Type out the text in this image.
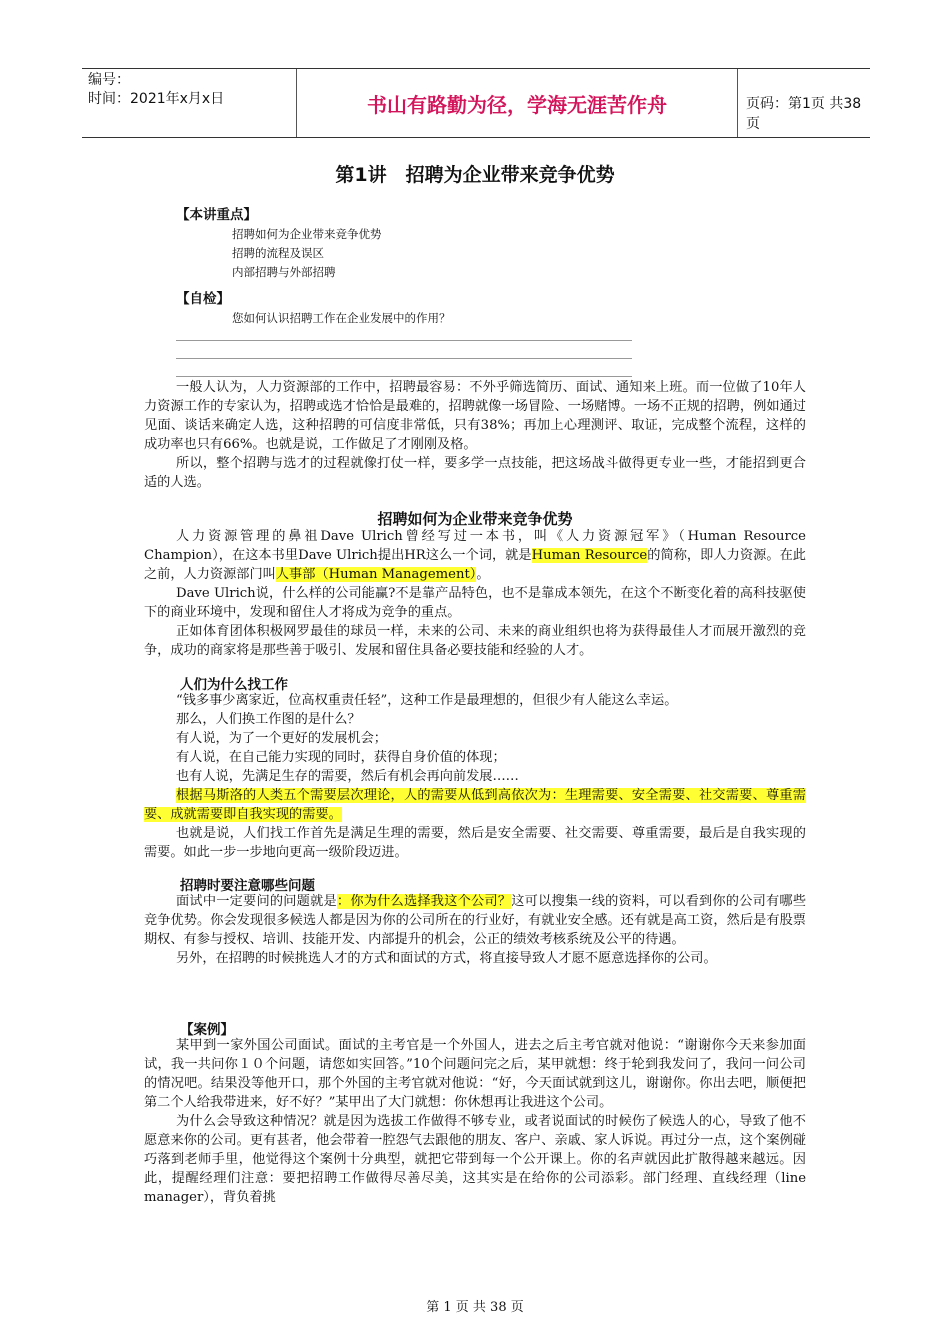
编号：
时间：2021年x月x日	书山有路勤为径，学海无涯苦作舟	页码：第1页 共38页
第1讲　招聘为企业带来竞争优势
【本讲重点】
招聘如何为企业带来竞争优势
招聘的流程及误区
内部招聘与外部招聘
【自检】
您如何认识招聘工作在企业发展中的作用？

一般人认为，人力资源部的工作中，招聘最容易：不外乎筛选简历、面试、通知来上班。而一位做了10年人力资源工作的专家认为，招聘或选才恰恰是最难的，招聘就像一场冒险、一场赌博。一场不正规的招聘，例如通过见面、谈话来确定人选，这种招聘的可信度非常低，只有38%；再加上心理测评、取证，完成整个流程，这样的成功率也只有66%。也就是说，工作做足了才刚刚及格。

所以，整个招聘与选才的过程就像打仗一样，要多学一点技能，把这场战斗做得更专业一些，才能招到更合适的人选。

招聘如何为企业带来竞争优势

人力资源管理的鼻祖Dave Ulrich曾经写过一本书，叫《人力资源冠军》（Human Resource Champion），在这本书里Dave Ulrich提出HR这么一个词，就是Human Resource的简称，即人力资源。在此之前，人力资源部门叫人事部（Human Management）。

Dave Ulrich说，什么样的公司能赢?不是靠产品特色，也不是靠成本领先，在这个不断变化着的高科技驱使下的商业环境中，发现和留住人才将成为竞争的重点。

正如体育团体积极网罗最佳的球员一样，未来的公司、未来的商业组织也将为获得最佳人才而展开激烈的竞争，成功的商家将是那些善于吸引、发展和留住具备必要技能和经验的人才。

人们为什么找工作

“钱多事少离家近，位高权重责任轻”，这种工作是最理想的，但很少有人能这么幸运。

那么，人们换工作图的是什么？

有人说，为了一个更好的发展机会；

有人说，在自己能力实现的同时，获得自身价值的体现；

也有人说，先满足生存的需要，然后有机会再向前发展……

根据马斯洛的人类五个需要层次理论，人的需要从低到高依次为：生理需要、安全需要、社交需要、尊重需要、成就需要即自我实现的需要。

也就是说，人们找工作首先是满足生理的需要，然后是安全需要、社交需要、尊重需要，最后是自我实现的需要。如此一步一步地向更高一级阶段迈进。

招聘时要注意哪些问题

面试中一定要问的问题就是：你为什么选择我这个公司？这可以搜集一线的资料，可以看到你的公司有哪些竞争优势。你会发现很多候选人都是因为你的公司所在的行业好，有就业安全感。还有就是高工资，然后是有股票期权、有参与授权、培训、技能开发、内部提升的机会，公正的绩效考核系统及公平的待遇。

另外，在招聘的时候挑选人才的方式和面试的方式，将直接导致人才愿不愿意选择你的公司。

【案例】

某甲到一家外国公司面试。面试的主考官是一个外国人，进去之后主考官就对他说：“谢谢你今天来参加面试，我一共问你１０个问题，请您如实回答。”10个问题问完之后，某甲就想：终于轮到我发问了，我问一问公司的情况吧。结果没等他开口，那个外国的主考官就对他说：“好，今天面试就到这儿，谢谢你。你出去吧，顺便把第二个人给我带进来，好不好？”某甲出了大门就想：你休想再让我进这个公司。

为什么会导致这种情况？就是因为选拔工作做得不够专业，或者说面试的时候伤了候选人的心，导致了他不愿意来你的公司。更有甚者，他会带着一腔怨气去跟他的朋友、客户、亲戚、家人诉说。再过分一点，这个案例碰巧落到老师手里，他觉得这个案例十分典型，就把它带到每一个公开课上。你的名声就因此扩散得越来越远。因此，提醒经理们注意：要把招聘工作做得尽善尽美，这其实是在给你的公司添彩。部门经理、直线经理（line manager），背负着挑

第 1 页 共 38 页
